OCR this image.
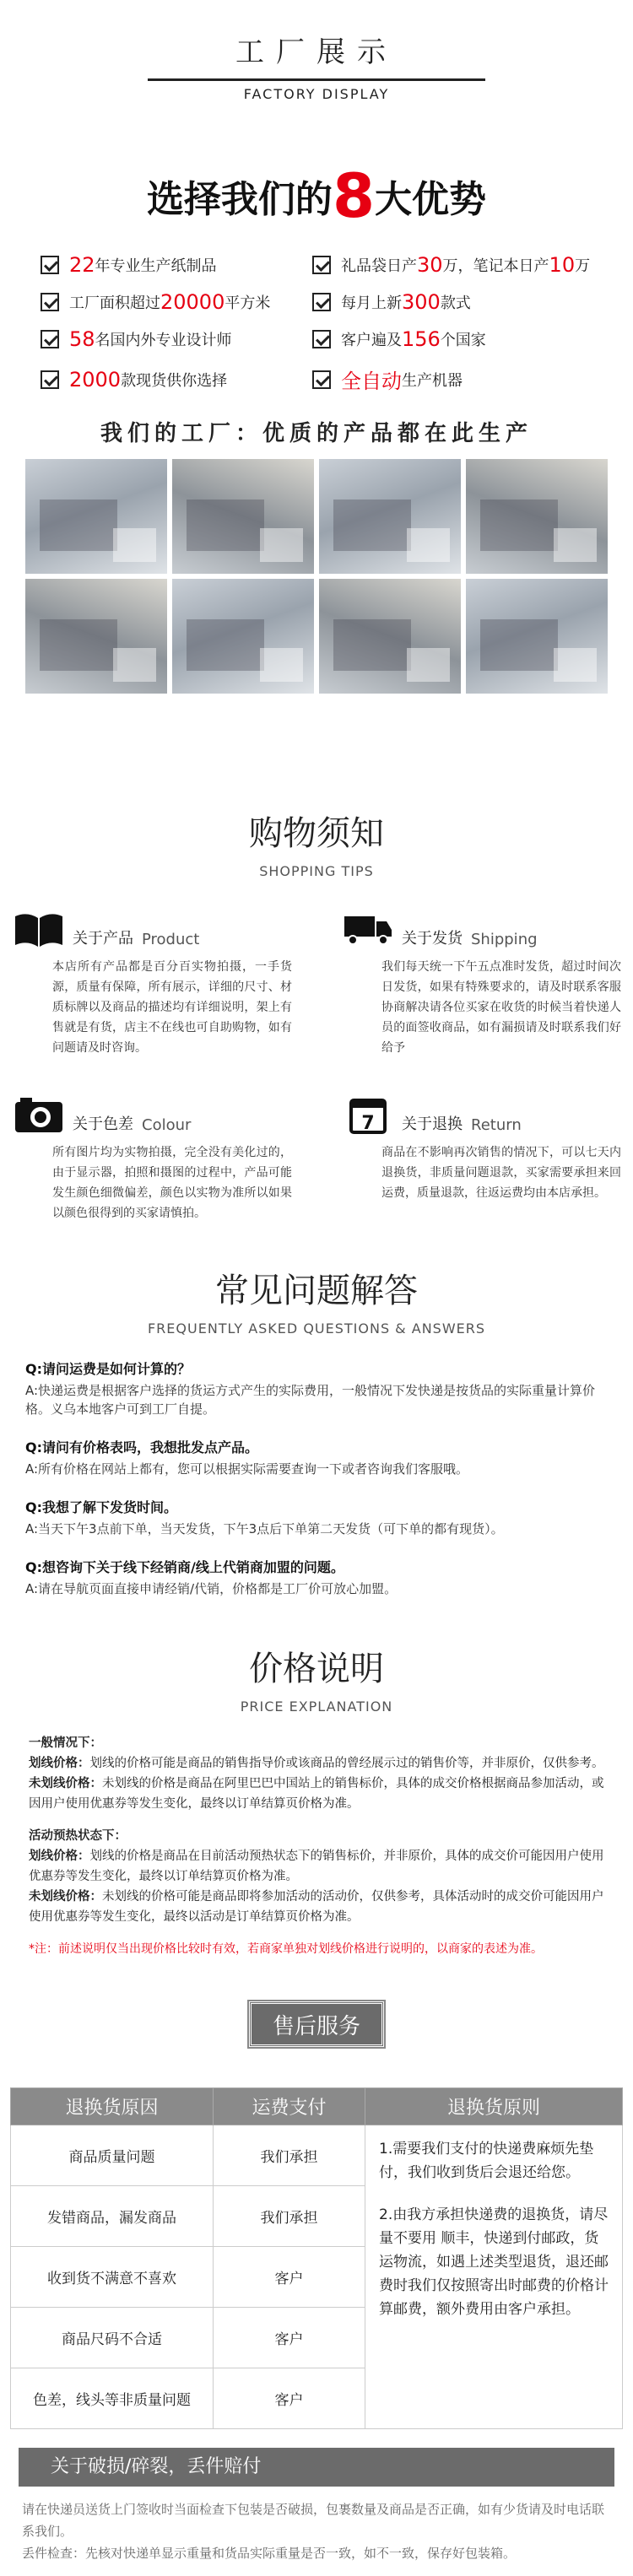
工厂展示
FACTORY DISPLAY
选择我们的8大优势
22 年专业生产纸制品	礼品袋日产 30 万，笔记本日产 10 万
工厂面积超过 20000 平方米	每月上新 300 款式
58 名国内外专业设计师	客户遍及 156 个国家
2000 款现货供你选择	全自动 生产机器
我们的工厂：优质的产品都在此生产
购物须知
SHOPPING TIPS
关于产品 Product
本店所有产品都是百分百实物拍摄，一手货源，质量有保障，所有展示，详细的尺寸、材质标牌以及商品的描述均有详细说明，架上有售就是有货，店主不在线也可自助购物，如有问题请及时咨询。
关于发货 Shipping
我们每天统一下午五点准时发货，超过时间次日发货，如果有特殊要求的，请及时联系客服协商解决请各位买家在收货的时候当着快递人员的面签收商品，如有漏损请及时联系我们好给予
关于色差 Colour
所有图片均为实物拍摄，完全没有美化过的，由于显示器，拍照和摄图的过程中，产品可能发生颜色细微偏差，颜色以实物为准所以如果以颜色很得到的买家请慎拍。
7 关于退换 Return
商品在不影响再次销售的情况下，可以七天内退换货，非质量问题退款，买家需要承担来回运费，质量退款，往返运费均由本店承担。
常见问题解答
FREQUENTLY ASKED QUESTIONS & ANSWERS
Q:请问运费是如何计算的？
A:快递运费是根据客户选择的货运方式产生的实际费用，一般情况下发快递是按货品的实际重量计算价格。义乌本地客户可到工厂自提。
Q:请问有价格表吗，我想批发点产品。
A:所有价格在网站上都有，您可以根据实际需要查询一下或者咨询我们客服哦。
Q:我想了解下发货时间。
A:当天下午3点前下单，当天发货，下午3点后下单第二天发货（可下单的都有现货）。
Q:想咨询下关于线下经销商/线上代销商加盟的问题。
A:请在导航页面直接申请经销/代销，价格都是工厂价可放心加盟。
价格说明
PRICE EXPLANATION
一般情况下：
划线价格：划线的价格可能是商品的销售指导价或该商品的曾经展示过的销售价等，并非原价，仅供参考。
未划线价格：未划线的价格是商品在阿里巴巴中国站上的销售标价，具体的成交价格根据商品参加活动，或因用户使用优惠券等发生变化，最终以订单结算页价格为准。
活动预热状态下：
划线价格：划线的价格是商品在目前活动预热状态下的销售标价，并非原价，具体的成交价可能因用户使用优惠券等发生变化，最终以订单结算页价格为准。
未划线价格：未划线的价格可能是商品即将参加活动的活动价，仅供参考，具体活动时的成交价可能因用户使用优惠券等发生变化，最终以活动是订单结算页价格为准。
*注：前述说明仅当出现价格比较时有效，若商家单独对划线价格进行说明的，以商家的表述为准。
售后服务
退换货原因	运费支付	退换货原则
商品质量问题	我们承担	1.需要我们支付的快递费麻烦先垫付，我们收到货后会退还给您。
2.由我方承担快递费的退换货，请尽量不要用 顺丰，快递到付邮政，货运物流，如遇上述类型退货，退还邮费时我们仅按照寄出时邮费的价格计算邮费，额外费用由客户承担。

发错商品，漏发商品	我们承担	
收到货不满意不喜欢	客户	
商品尺码不合适	客户	
色差，线头等非质量问题	客户	
关于破损/碎裂，丢件赔付
请在快递员送货上门签收时当面检查下包装是否破损，包裹数量及商品是否正确，如有少货请及时电话联系我们。
丢件检查：先核对快递单显示重量和货品实际重量是否一致，如不一致，保存好包装箱。
